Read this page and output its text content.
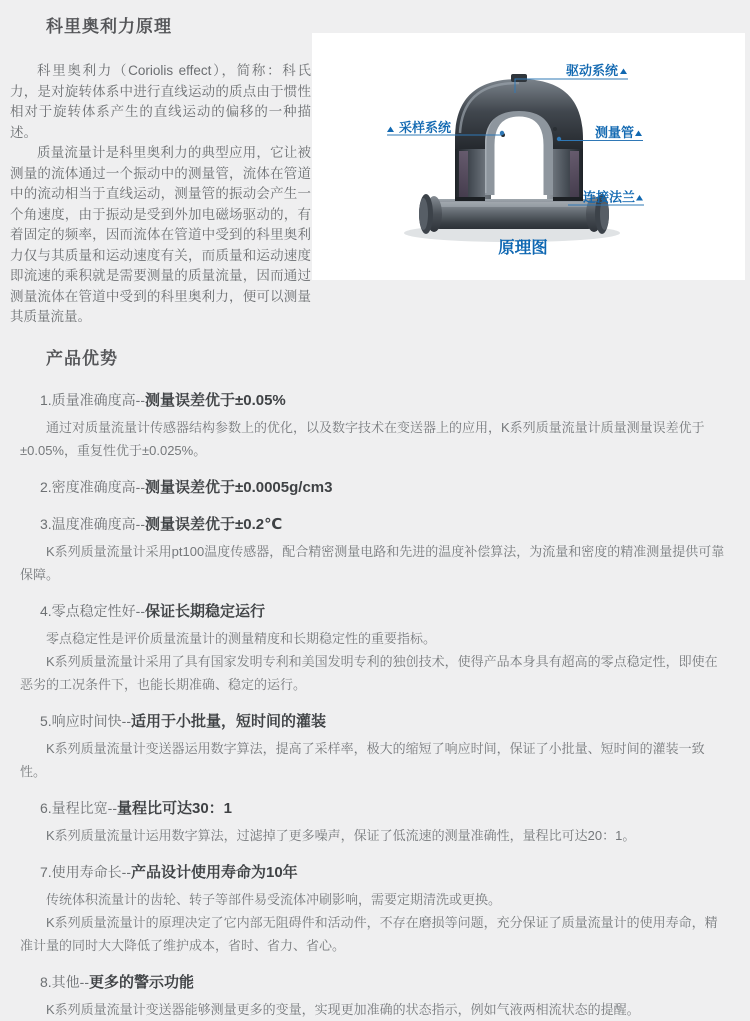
科里奥利力原理

科里奥利力（Coriolis effect），简称：科氏力，是对旋转体系中进行直线运动的质点由于惯性相对于旋转体系产生的直线运动的偏移的一种描述。

质量流量计是科里奥利力的典型应用，它让被测量的流体通过一个振动中的测量管，流体在管道中的流动相当于直线运动，测量管的振动会产生一个角速度，由于振动是受到外加电磁场驱动的，有着固定的频率，因而流体在管道中受到的科里奥利力仅与其质量和运动速度有关，而质量和运动速度即流速的乘积就是需要测量的质量流量，因而通过测量流体在管道中受到的科里奥利力，便可以测量其质量流量。

驱动系统
采样系统	测量管
连接法兰
原理图
产品优势
1.质量准确度高--测量误差优于±0.05%

通过对质量流量计传感器结构参数上的优化，以及数字技术在变送器上的应用，K系列质量流量计质量测量误差优于±0.05%，重复性优于±0.025%。

2.密度准确度高--测量误差优于±0.0005g/cm3
3.温度准确度高--测量误差优于±0.2℃

K系列质量流量计采用pt100温度传感器，配合精密测量电路和先进的温度补偿算法，为流量和密度的精准测量提供可靠保障。

4.零点稳定性好--保证长期稳定运行

零点稳定性是评价质量流量计的测量精度和长期稳定性的重要指标。

K系列质量流量计采用了具有国家发明专利和美国发明专利的独创技术，使得产品本身具有超高的零点稳定性，即使在恶劣的工况条件下，也能长期准确、稳定的运行。

5.响应时间快--适用于小批量，短时间的灌装

K系列质量流量计变送器运用数字算法，提高了采样率，极大的缩短了响应时间，保证了小批量、短时间的灌装一致性。

6.量程比宽--量程比可达30：1

K系列质量流量计运用数字算法，过滤掉了更多噪声，保证了低流速的测量准确性，量程比可达20：1。

7.使用寿命长--产品设计使用寿命为10年

传统体积流量计的齿轮、转子等部件易受流体冲刷影响，需要定期清洗或更换。

K系列质量流量计的原理决定了它内部无阻碍件和活动件，不存在磨损等问题，充分保证了质量流量计的使用寿命，精准计量的同时大大降低了维护成本，省时、省力、省心。

8.其他--更多的警示功能

K系列质量流量计变送器能够测量更多的变量，实现更加准确的状态指示，例如气液两相流状态的提醒。
